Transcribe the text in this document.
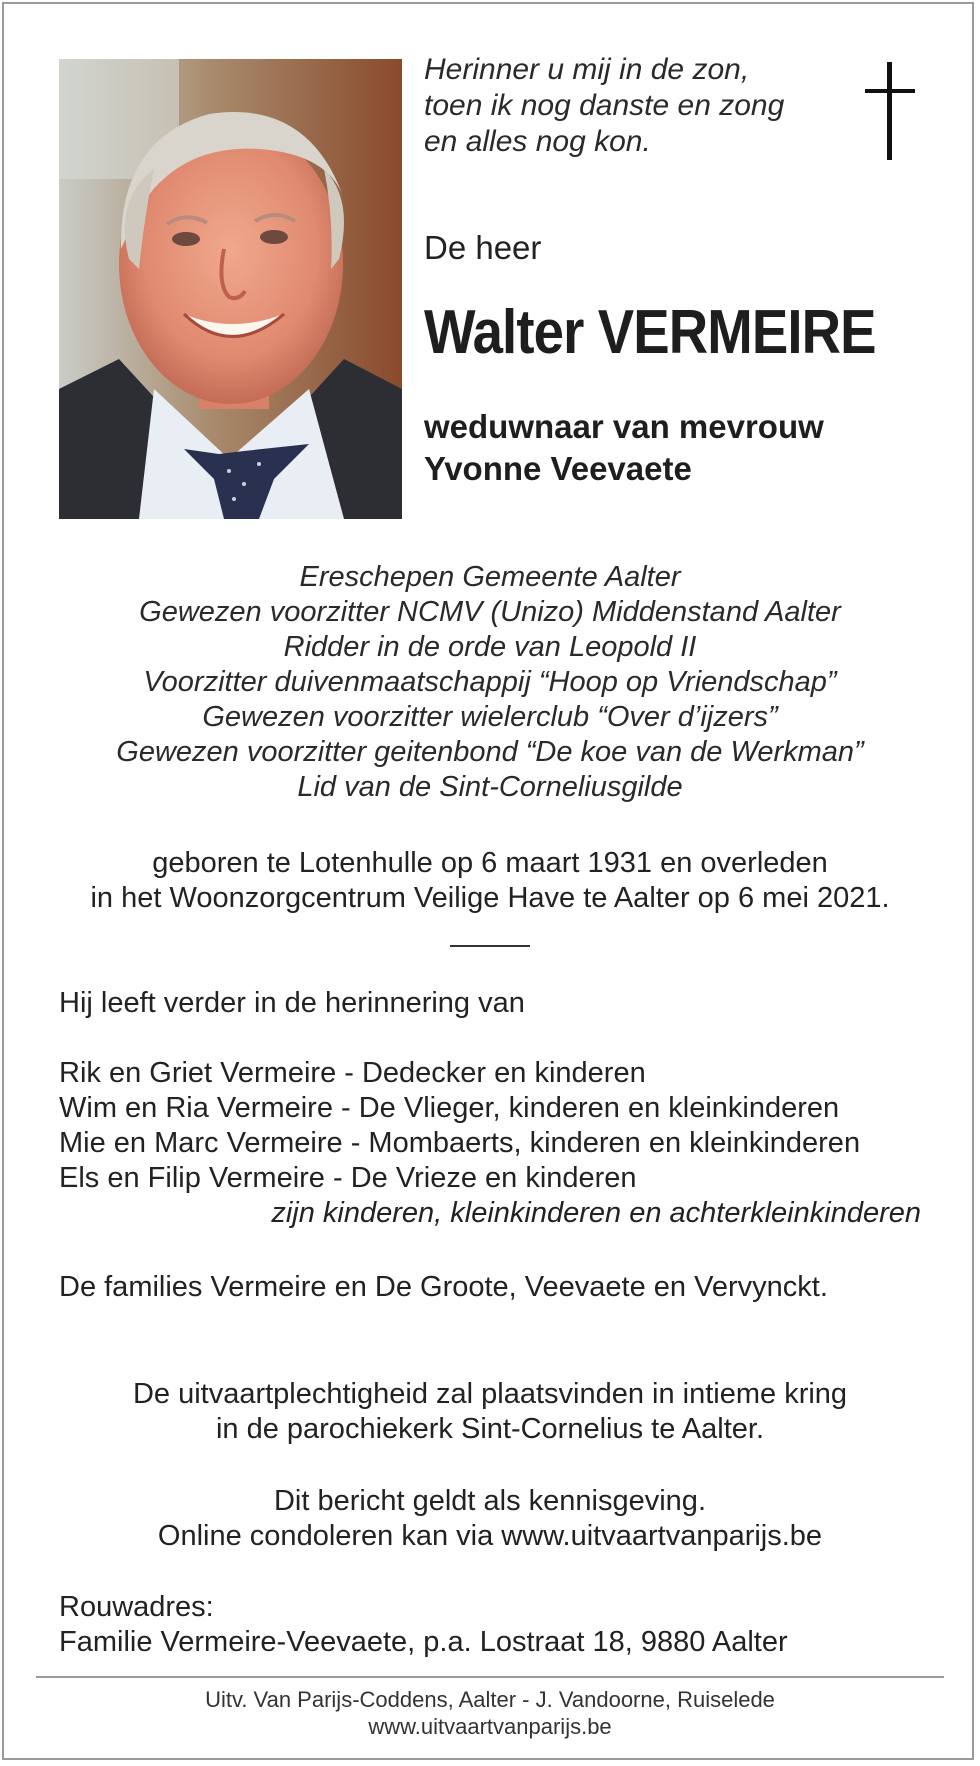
Herinner u mij in de zon,
toen ik nog danste en zong
en alles nog kon.
De heer
Walter VERMEIRE
weduwnaar van mevrouw
Yvonne Veevaete
Ereschepen Gemeente Aalter
Gewezen voorzitter NCMV (Unizo) Middenstand Aalter
Ridder in de orde van Leopold II
Voorzitter duivenmaatschappij “Hoop op Vriendschap”
Gewezen voorzitter wielerclub “Over d’ijzers”
Gewezen voorzitter geitenbond “De koe van de Werkman”
Lid van de Sint-Corneliusgilde
geboren te Lotenhulle op 6 maart 1931 en overleden
in het Woonzorgcentrum Veilige Have te Aalter op 6 mei 2021.
Hij leeft verder in de herinnering van
Rik en Griet Vermeire - Dedecker en kinderen
Wim en Ria Vermeire - De Vlieger, kinderen en kleinkinderen
Mie en Marc Vermeire - Mombaerts, kinderen en kleinkinderen
Els en Filip Vermeire - De Vrieze en kinderen
zijn kinderen, kleinkinderen en achterkleinkinderen
De families Vermeire en De Groote, Veevaete en Vervynckt.
De uitvaartplechtigheid zal plaatsvinden in intieme kring
in de parochiekerk Sint-Cornelius te Aalter.
Dit bericht geldt als kennisgeving.
Online condoleren kan via www.uitvaartvanparijs.be
Rouwadres:
Familie Vermeire-Veevaete, p.a. Lostraat 18, 9880 Aalter
Uitv. Van Parijs-Coddens, Aalter - J. Vandoorne, Ruiselede
www.uitvaartvanparijs.be
